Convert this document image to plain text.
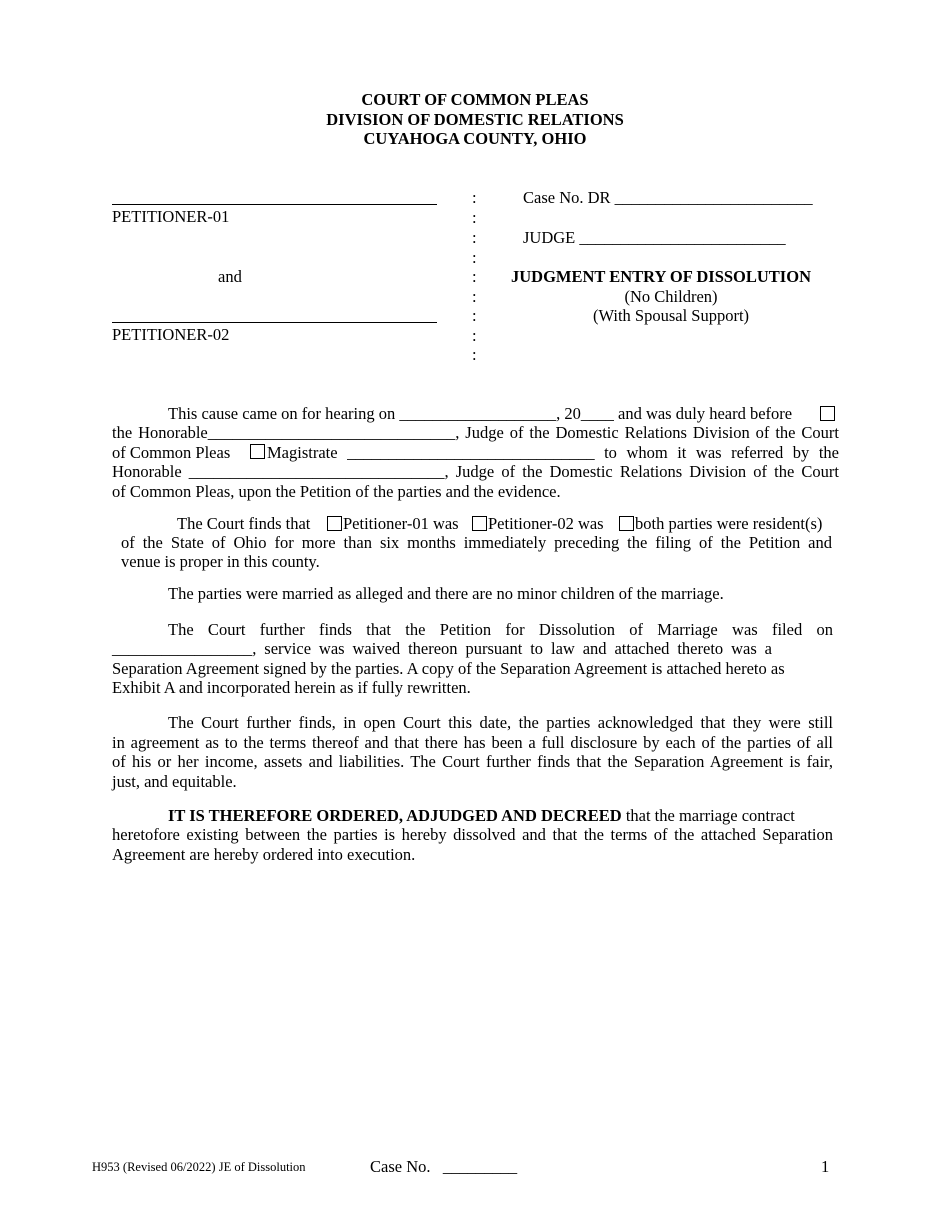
COURT OF COMMON PLEAS
DIVISION OF DOMESTIC RELATIONS
CUYAHOGA COUNTY, OHIO
PETITIONER-01
and
PETITIONER-02
:
:
:
:
:
:
:
:
:
Case No. DR ________________________
JUDGE _________________________
JUDGMENT ENTRY OF DISSOLUTION
(No Children)
(With Spousal Support)
This cause came on for hearing on ___________________, 20____ and was duly heard before
the Honorable______________________________, Judge of the Domestic Relations Division of the Court
of Common Pleas Magistrate ______________________________ to whom it was referred by the
Honorable _______________________________, Judge of the Domestic Relations Division of the Court
of Common Pleas, upon the Petition of the parties and the evidence.
The Court finds that Petitioner-01 was Petitioner-02 was both parties were resident(s)
of the State of Ohio for more than six months immediately preceding the filing of the Petition and
venue is proper in this county.
The parties were married as alleged and there are no minor children of the marriage.
The Court further finds that the Petition for Dissolution of Marriage was filed on
_________________, service was waived thereon pursuant to law and attached thereto was a
Separation Agreement signed by the parties. A copy of the Separation Agreement is attached hereto as
Exhibit A and incorporated herein as if fully rewritten.
The Court further finds, in open Court this date, the parties acknowledged that they were still
in agreement as to the terms thereof and that there has been a full disclosure by each of the parties of all
of his or her income, assets and liabilities. The Court further finds that the Separation Agreement is fair,
just, and equitable.
IT IS THEREFORE ORDERED, ADJUDGED AND DECREED that the marriage contract
heretofore existing between the parties is hereby dissolved and that the terms of the attached Separation
Agreement are hereby ordered into execution.
H953 (Revised 06/2022) JE of Dissolution	Case No.   _________	1
